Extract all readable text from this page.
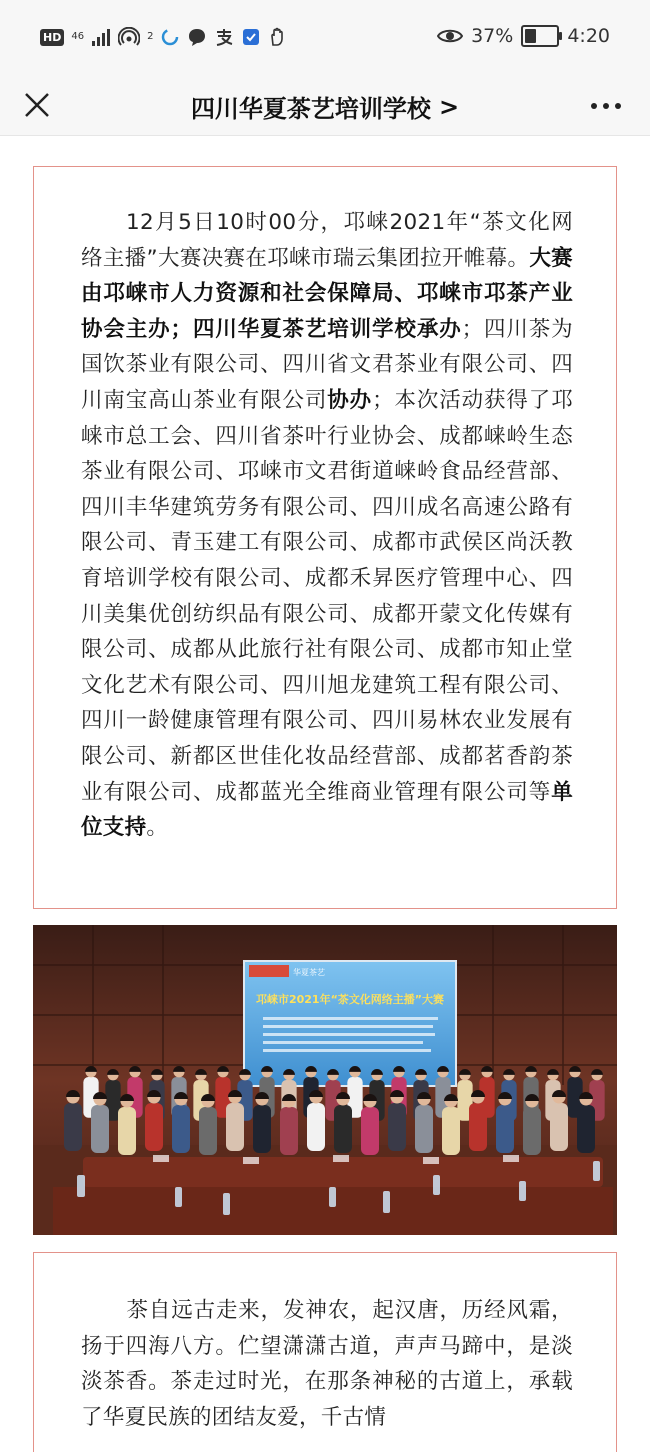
HD	46	2	37%	4:20
四川华夏茶艺培训学校 >
12月5日10时00分，邛崃2021年“茶文化网络主播”大赛决赛在邛崃市瑞云集团拉开帷幕。大赛由邛崃市人力资源和社会保障局、邛崃市邛茶产业协会主办；四川华夏茶艺培训学校承办；四川茶为国饮茶业有限公司、四川省文君茶业有限公司、四川南宝高山茶业有限公司协办；本次活动获得了邛崃市总工会、四川省茶叶行业协会、成都崃岭生态茶业有限公司、邛崃市文君街道崃岭食品经营部、四川丰华建筑劳务有限公司、四川成名高速公路有限公司、青玉建工有限公司、成都市武侯区尚沃教育培训学校有限公司、成都禾昇医疗管理中心、四川美集优创纺织品有限公司、成都开蒙文化传媒有限公司、成都从此旅行社有限公司、成都市知止堂文化艺术有限公司、四川旭龙建筑工程有限公司、四川一龄健康管理有限公司、四川易林农业发展有限公司、新都区世佳化妆品经营部、成都茗香韵茶业有限公司、成都蓝光全维商业管理有限公司等单位支持。
华夏茶艺
邛崃市2021年“茶文化网络主播”大赛
茶自远古走来，发神农，起汉唐，历经风霜，扬于四海八方。伫望潇潇古道，声声马蹄中，是淡淡茶香。茶走过时光，在那条神秘的古道上，承载了华夏民族的团结友爱，千古情
